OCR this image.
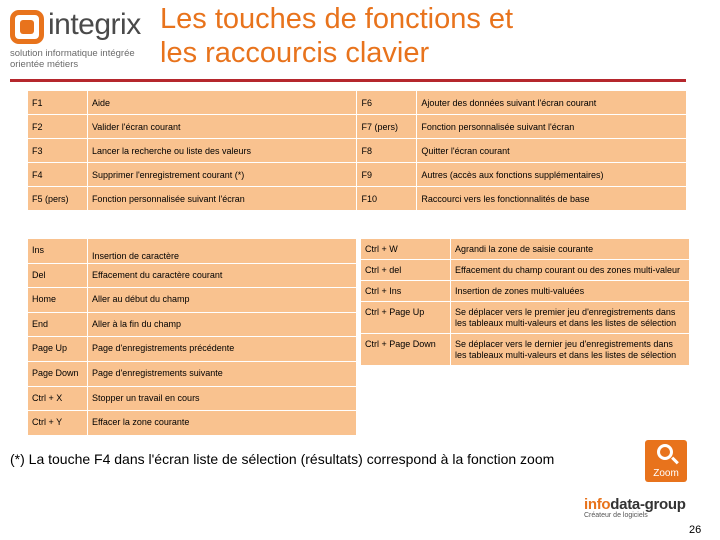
integrix
solution informatique intégrée
orientée métiers
Les touches de fonctions et
les raccourcis clavier
F1	Aide	F6	Ajouter des données suivant l'écran courant
F2	Valider l'écran courant	F7 (pers)	Fonction personnalisée suivant l'écran
F3	Lancer la recherche ou liste des valeurs	F8	Quitter l'écran courant
F4	Supprimer l'enregistrement courant (*)	F9	Autres (accès aux fonctions supplémentaires)
F5 (pers)	Fonction personnalisée suivant l'écran	F10	Raccourci vers les fonctionnalités de base
Ins	Insertion de caractère
Del	Effacement du caractère courant
Home	Aller au début du champ
End	Aller à la fin du champ
Page Up	Page d'enregistrements précédente
Page Down	Page d'enregistrements suivante
Ctrl + X	Stopper un travail en cours
Ctrl + Y	Effacer la zone courante
Ctrl + W	Agrandi la zone de saisie courante
Ctrl + del	Effacement du champ courant ou des zones multi-valeur
Ctrl + Ins	Insertion de zones multi-valuées
Ctrl + Page Up	Se déplacer vers le premier jeu d'enregistrements dans les tableaux multi-valeurs et dans les listes de sélection
Ctrl + Page Down	Se déplacer vers le dernier jeu d'enregistrements dans les tableaux multi-valeurs et dans les listes de sélection
(*) La touche F4 dans l'écran liste de sélection (résultats) correspond à la fonction zoom
Zoom
infodata-group
Créateur de logiciels
26
